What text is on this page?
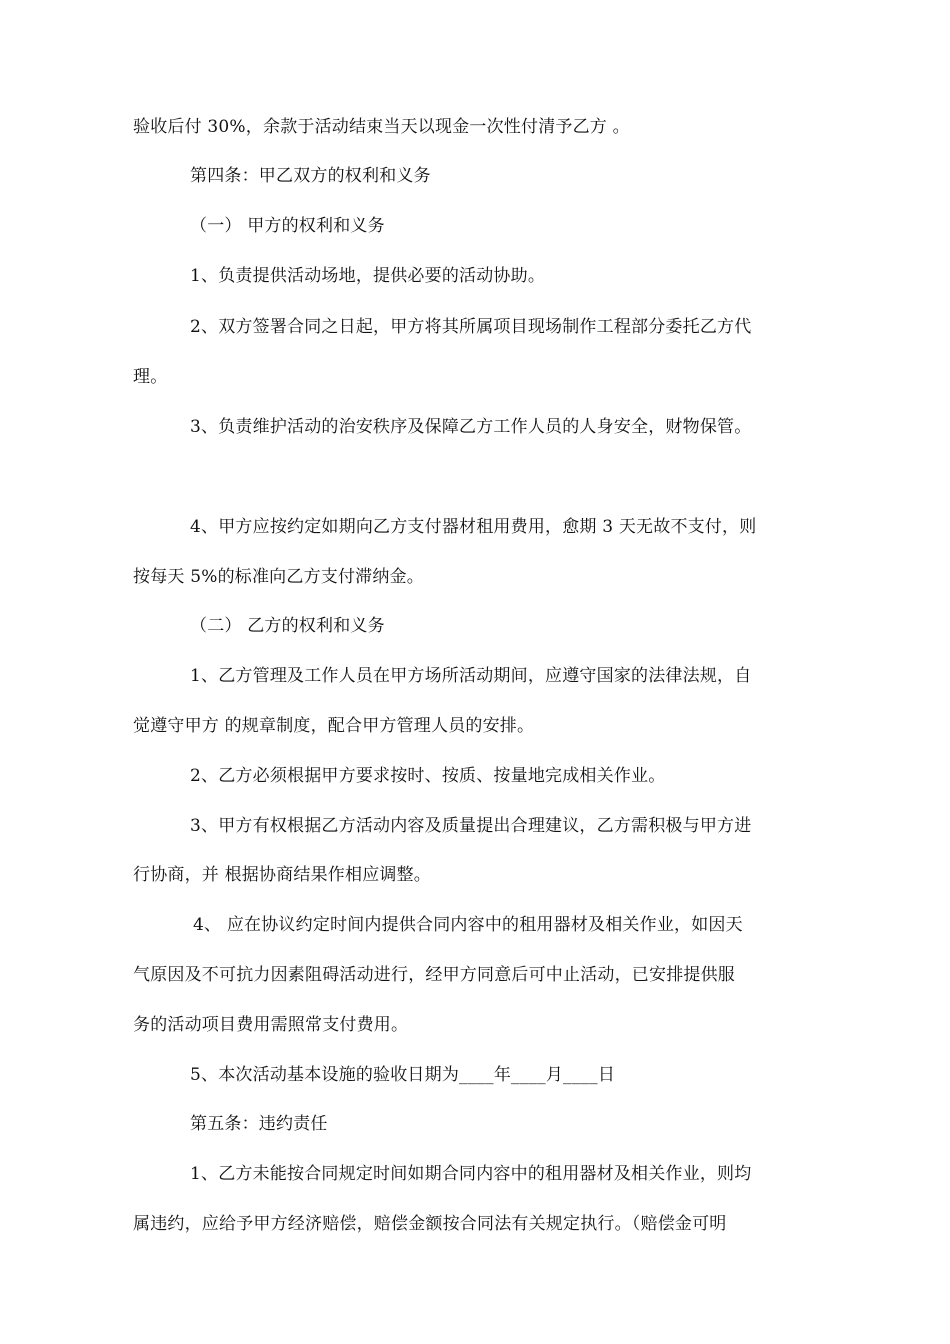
验收后付 30%，余款于活动结束当天以现金一次性付清予乙方 。
第四条：甲乙双方的权利和义务
（一） 甲方的权利和义务
1、负责提供活动场地，提供必要的活动协助。
2、双方签署合同之日起，甲方将其所属项目现场制作工程部分委托乙方代
理。
3、负责维护活动的治安秩序及保障乙方工作人员的人身安全，财物保管。
4、甲方应按约定如期向乙方支付器材租用费用，愈期 3 天无故不支付，则
按每天 5%的标准向乙方支付滞纳金。
（二） 乙方的权利和义务
1、乙方管理及工作人员在甲方场所活动期间，应遵守国家的法律法规，自
觉遵守甲方 的规章制度，配合甲方管理人员的安排。
2、乙方必须根据甲方要求按时、按质、按量地完成相关作业。
3、甲方有权根据乙方活动内容及质量提出合理建议，乙方需积极与甲方进
行协商，并 根据协商结果作相应调整。
4、 应在协议约定时间内提供合同内容中的租用器材及相关作业，如因天
气原因及不可抗力因素阻碍活动进行，经甲方同意后可中止活动，已安排提供服
务的活动项目费用需照常支付费用。
5、本次活动基本设施的验收日期为____年____月____日
第五条：违约责任
1、乙方未能按合同规定时间如期合同内容中的租用器材及相关作业，则均
属违约，应给予甲方经济赔偿，赔偿金额按合同法有关规定执行。（赔偿金可明
